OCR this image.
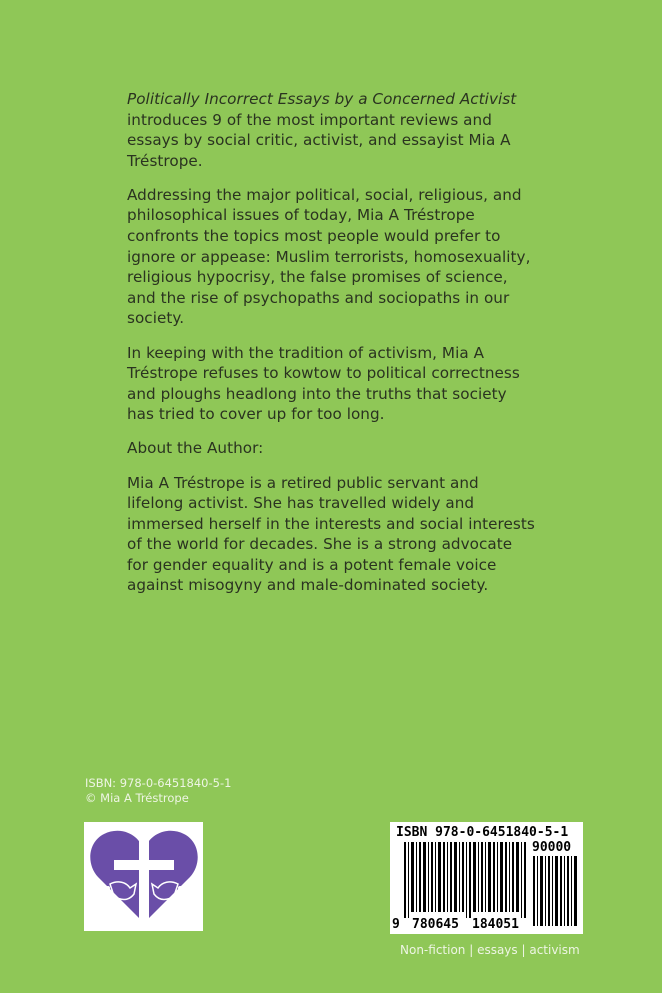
Politically Incorrect Essays by a Concerned Activist introduces 9 of the most important reviews and essays by social critic, activist, and essayist Mia A Tréstrope.

Addressing the major political, social, religious, and philosophical issues of today, Mia A Tréstrope confronts the topics most people would prefer to ignore or appease: Muslim terrorists, homosexuality, religious hypocrisy, the false promises of science, and the rise of psychopaths and sociopaths in our society.

In keeping with the tradition of activism, Mia A Tréstrope refuses to kowtow to political correctness and ploughs headlong into the truths that society has tried to cover up for too long.

About the Author:

Mia A Tréstrope is a retired public servant and lifelong activist. She has travelled widely and immersed herself in the interests and social interests of the world for decades. She is a strong advocate for gender equality and is a potent female voice against misogyny and male-dominated society.

ISBN: 978-0-6451840-5-1
© Mia A Tréstrope
ISBN 978-0-6451840-5-1
90000
9 780645 184051
Non-fiction | essays | activism
